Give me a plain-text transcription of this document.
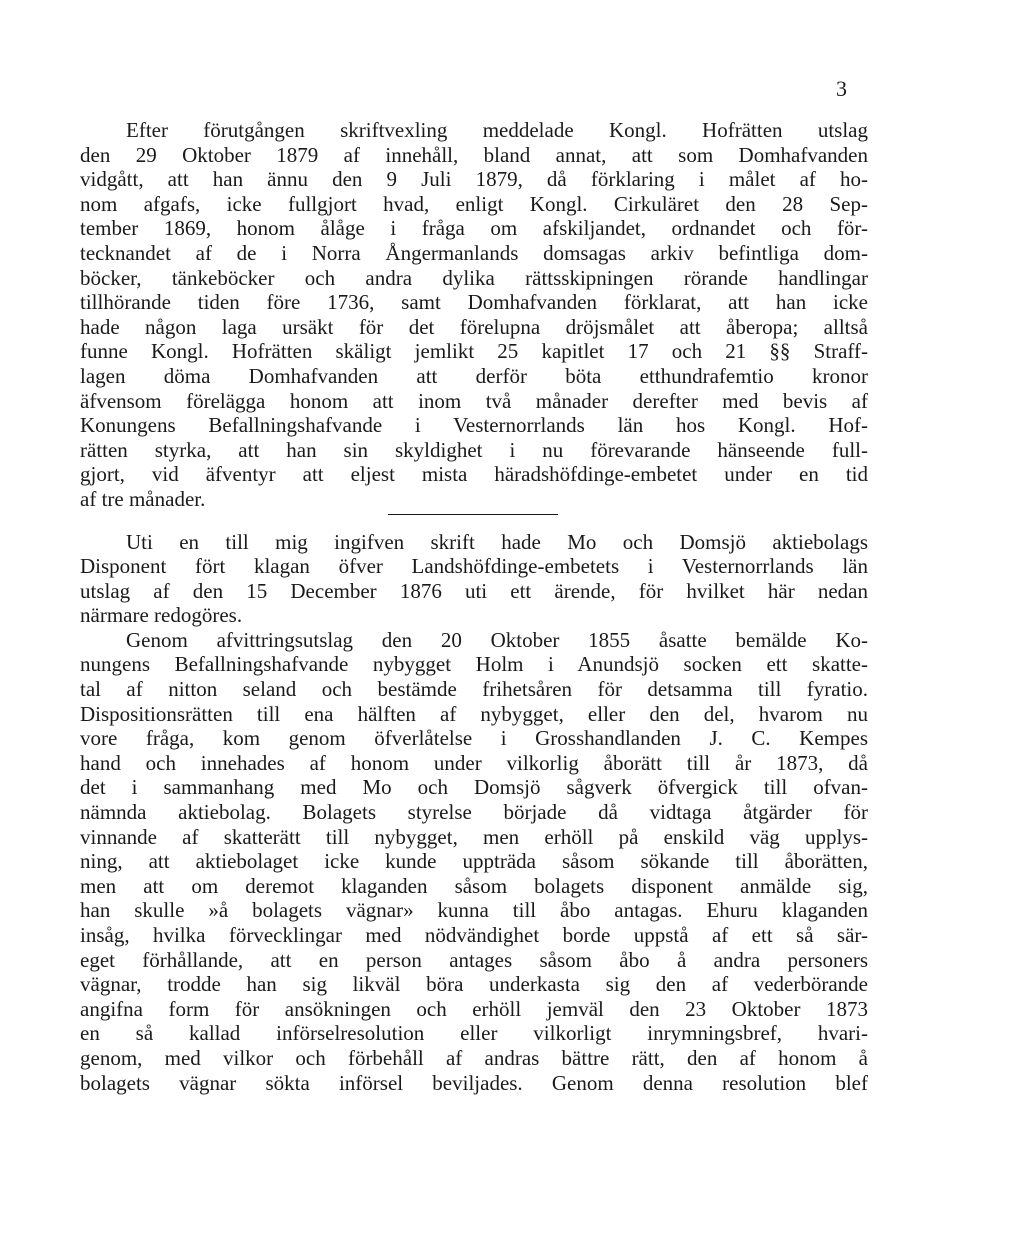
3
Efter förutgången skriftvexling meddelade Kongl. Hofrätten utslag
den 29 Oktober 1879 af innehåll, bland annat, att som Domhafvanden
vidgått, att han ännu den 9 Juli 1879, då förklaring i målet af ho-
nom afgafs, icke fullgjort hvad, enligt Kongl. Cirkuläret den 28 Sep-
tember 1869, honom ålåge i fråga om afskiljandet, ordnandet och för-
tecknandet af de i Norra Ångermanlands domsagas arkiv befintliga dom-
böcker, tänkeböcker och andra dylika rättsskipningen rörande handlingar
tillhörande tiden före 1736, samt Domhafvanden förklarat, att han icke
hade någon laga ursäkt för det förelupna dröjsmålet att åberopa; alltså
funne Kongl. Hofrätten skäligt jemlikt 25 kapitlet 17 och 21 §§ Straff-
lagen döma Domhafvanden att derför böta etthundrafemtio kronor
äfvensom förelägga honom att inom två månader derefter med bevis af
Konungens Befallningshafvande i Vesternorrlands län hos Kongl. Hof-
rätten styrka, att han sin skyldighet i nu förevarande hänseende full-
gjort, vid äfventyr att eljest mista häradshöfdinge-embetet under en tid
af tre månader.
Uti en till mig ingifven skrift hade Mo och Domsjö aktiebolags
Disponent fört klagan öfver Landshöfdinge-embetets i Vesternorrlands län
utslag af den 15 December 1876 uti ett ärende, för hvilket här nedan
närmare redogöres.
Genom afvittringsutslag den 20 Oktober 1855 åsatte bemälde Ko-
nungens Befallningshafvande nybygget Holm i Anundsjö socken ett skatte-
tal af nitton seland och bestämde frihetsåren för detsamma till fyratio.
Dispositionsrätten till ena hälften af nybygget, eller den del, hvarom nu
vore fråga, kom genom öfverlåtelse i Grosshandlanden J. C. Kempes
hand och innehades af honom under vilkorlig åborätt till år 1873, då
det i sammanhang med Mo och Domsjö sågverk öfvergick till ofvan-
nämnda aktiebolag. Bolagets styrelse började då vidtaga åtgärder för
vinnande af skatterätt till nybygget, men erhöll på enskild väg upplys-
ning, att aktiebolaget icke kunde uppträda såsom sökande till åborätten,
men att om deremot klaganden såsom bolagets disponent anmälde sig,
han skulle »å bolagets vägnar» kunna till åbo antagas. Ehuru klaganden
insåg, hvilka förvecklingar med nödvändighet borde uppstå af ett så sär-
eget förhållande, att en person antages såsom åbo å andra personers
vägnar, trodde han sig likväl böra underkasta sig den af vederbörande
angifna form för ansökningen och erhöll jemväl den 23 Oktober 1873
en så kallad införselresolution eller vilkorligt inrymningsbref, hvari-
genom, med vilkor och förbehåll af andras bättre rätt, den af honom å
bolagets vägnar sökta införsel beviljades. Genom denna resolution blef
